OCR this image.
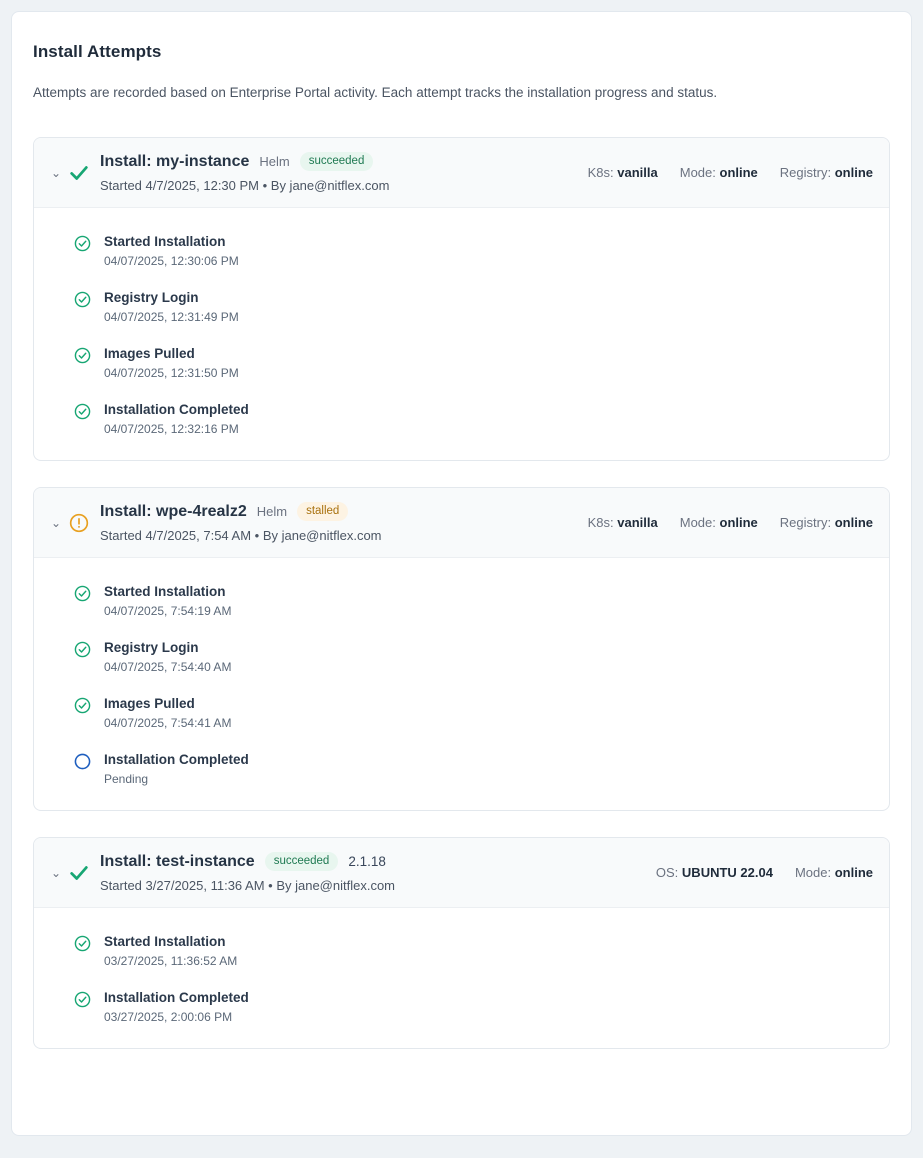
Install Attempts

Attempts are recorded based on Enterprise Portal activity. Each attempt tracks the installation progress and status.

⌄
Install: my-instance Helm	succeeded
Started 4/7/2025, 12:30 PM • By jane@nitflex.com
K8s: vanilla Mode: online Registry: online
Started Installation
04/07/2025, 12:30:06 PM
Registry Login
04/07/2025, 12:31:49 PM
Images Pulled
04/07/2025, 12:31:50 PM
Installation Completed
04/07/2025, 12:32:16 PM
⌄
Install: wpe-4realz2 Helm	stalled
Started 4/7/2025, 7:54 AM • By jane@nitflex.com
K8s: vanilla Mode: online Registry: online
Started Installation
04/07/2025, 7:54:19 AM
Registry Login
04/07/2025, 7:54:40 AM
Images Pulled
04/07/2025, 7:54:41 AM
Installation Completed
Pending
⌄
Install: test-instance	succeeded	2.1.18
Started 3/27/2025, 11:36 AM • By jane@nitflex.com
OS: UBUNTU 22.04 Mode: online
Started Installation
03/27/2025, 11:36:52 AM
Installation Completed
03/27/2025, 2:00:06 PM
